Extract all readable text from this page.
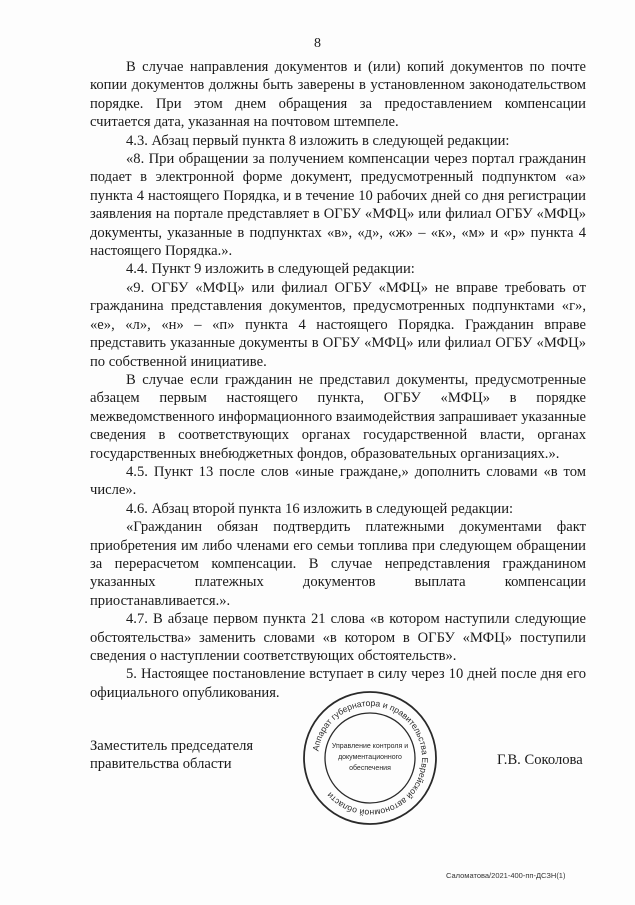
8

В случае направления документов и (или) копий документов по почте копии документов должны быть заверены в установленном законодательством порядке. При этом днем обращения за предоставлением компенсации считается дата, указанная на почтовом штемпеле.

4.3. Абзац первый пункта 8 изложить в следующей редакции:

«8. При обращении за получением компенсации через портал гражданин подает в электронной форме документ, предусмотренный подпунктом «а» пункта 4 настоящего Порядка, и в течение 10 рабочих дней со дня регистрации заявления на портале представляет в ОГБУ «МФЦ» или филиал ОГБУ «МФЦ» документы, указанные в подпунктах «в», «д», «ж» – «к», «м» и «р» пункта 4 настоящего Порядка.».

4.4. Пункт 9 изложить в следующей редакции:

«9. ОГБУ «МФЦ» или филиал ОГБУ «МФЦ» не вправе требовать от гражданина представления документов, предусмотренных подпунктами «г», «е», «л», «н» – «п» пункта 4 настоящего Порядка. Гражданин вправе представить указанные документы в ОГБУ «МФЦ» или филиал ОГБУ «МФЦ» по собственной инициативе.

В случае если гражданин не представил документы, предусмотренные абзацем первым настоящего пункта, ОГБУ «МФЦ» в порядке межведомственного информационного взаимодействия запрашивает указанные сведения в соответствующих органах государственной власти, органах государственных внебюджетных фондов, образовательных организациях.».

4.5. Пункт 13 после слов «иные граждане,» дополнить словами «в том числе».

4.6. Абзац второй пункта 16 изложить в следующей редакции:

«Гражданин обязан подтвердить платежными документами факт приобретения им либо членами его семьи топлива при следующем обращении за перерасчетом компенсации. В случае непредставления гражданином указанных платежных документов выплата компенсации приостанавливается.».

4.7. В абзаце первом пункта 21 слова «в котором наступили следующие обстоятельства» заменить словами «в котором в ОГБУ «МФЦ» поступили сведения о наступлении соответствующих обстоятельств».

5. Настоящее постановление вступает в силу через 10 дней после дня его официального опубликования.

Заместитель председателя
правительства области
Аппарат губернатора и правительства Еврейской автономной области
Управление контроля и
документационного
обеспечения
Г.В. Соколова
Саломатова/2021-400-пп-ДСЗН(1)
